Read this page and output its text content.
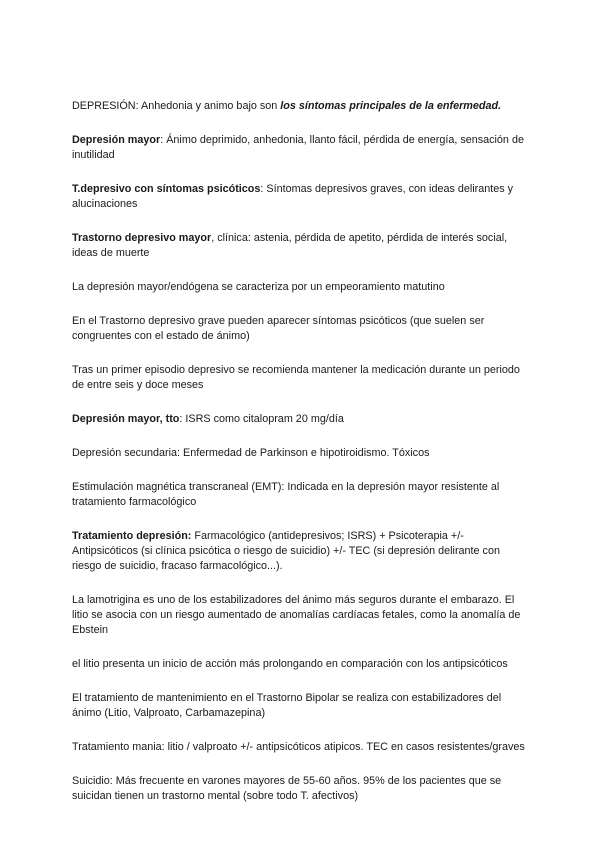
DEPRESIÓN: Anhedonia y animo bajo son los síntomas principales de la enfermedad.

Depresión mayor: Ánimo deprimido, anhedonia, llanto fácil, pérdida de energía, sensación de inutilidad

T.depresivo con síntomas psicóticos: Síntomas depresivos graves, con ideas delirantes y alucinaciones

Trastorno depresivo mayor, clínica: astenia, pérdida de apetito, pérdida de interés social, ideas de muerte

La depresión mayor/endógena se caracteriza por un empeoramiento matutino

En el Trastorno depresivo grave pueden aparecer síntomas psicóticos (que suelen ser congruentes con el estado de ánimo)

Tras un primer episodio depresivo se recomienda mantener la medicación durante un periodo de entre seis y doce meses

Depresión mayor, tto: ISRS como citalopram 20 mg/día

Depresión secundaria: Enfermedad de Parkinson e hipotiroidismo. Tóxicos

Estimulación magnética transcraneal (EMT): Indicada en la depresión mayor resistente al tratamiento farmacológico

Tratamiento depresión: Farmacológico (antidepresivos; ISRS) + Psicoterapia +/- Antipsicóticos (si clínica psicótica o riesgo de suicidio) +/- TEC (si depresión delirante con riesgo de suicidio, fracaso farmacológico...).

La lamotrigina es uno de los estabilizadores del ánimo más seguros durante el embarazo. El litio se asocia con un riesgo aumentado de anomalías cardíacas fetales, como la anomalía de Ebstein

el litio presenta un inicio de acción más prolongando en comparación con los antipsicóticos

El tratamiento de mantenimiento en el Trastorno Bipolar se realiza con estabilizadores del ánimo (Litio, Valproato, Carbamazepina)

Tratamiento mania: litio / valproato +/- antipsicóticos atipicos. TEC en casos resistentes/graves

Suicidio: Más frecuente en varones mayores de 55-60 años. 95% de los pacientes que se suicidan tienen un trastorno mental (sobre todo T. afectivos)
